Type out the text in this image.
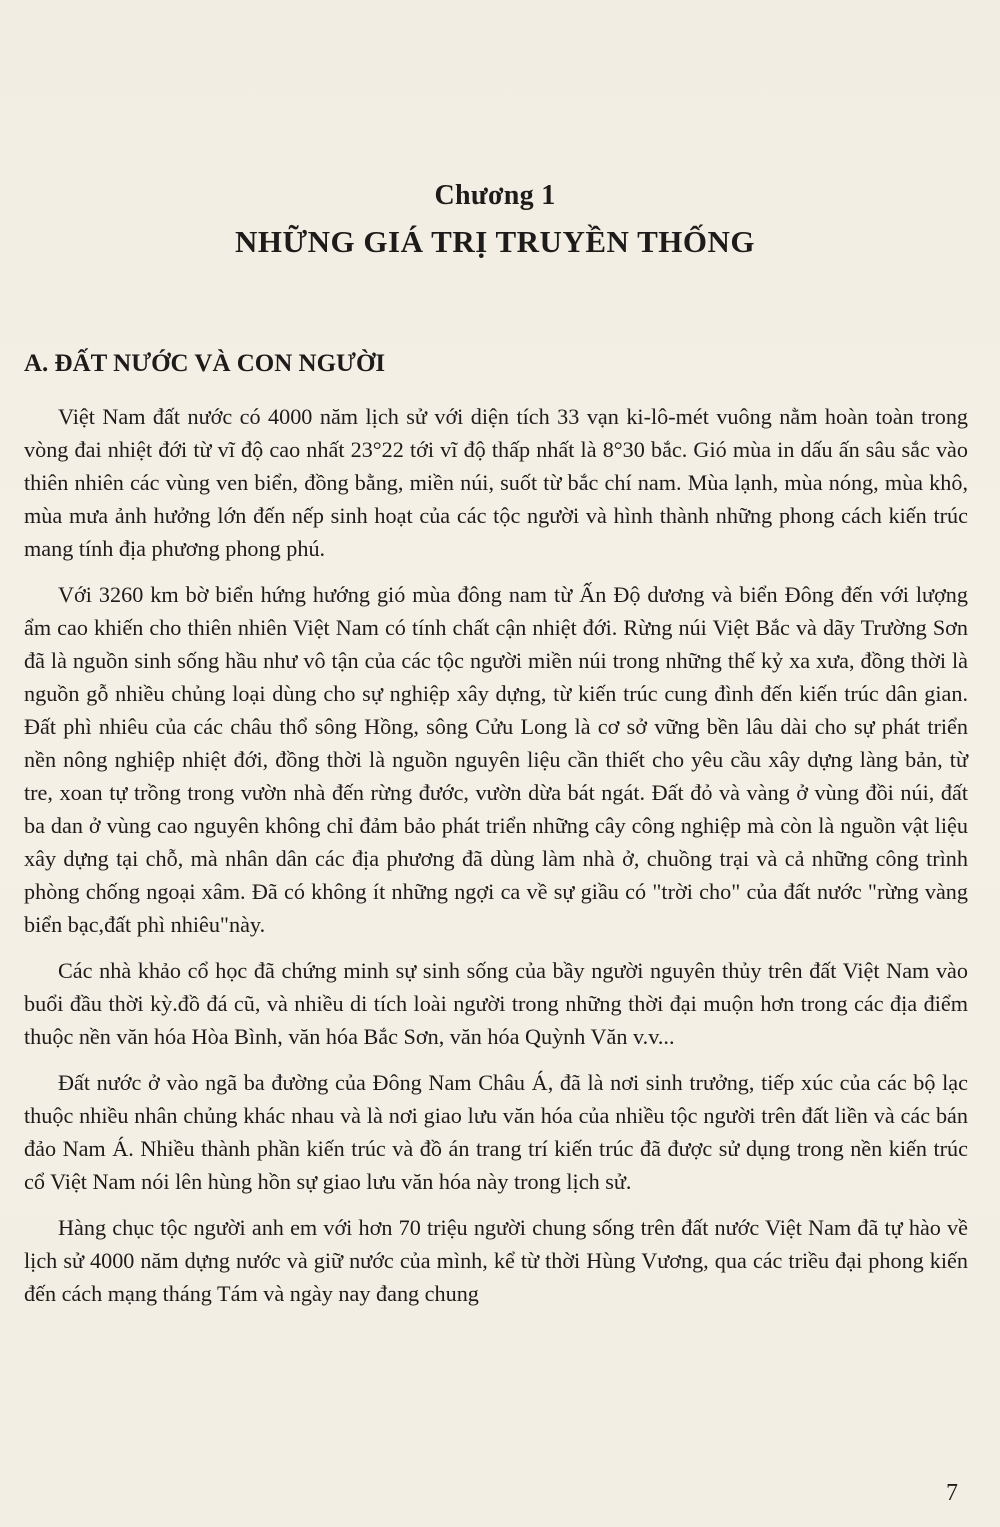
Chương 1
NHỮNG GIÁ TRỊ TRUYỀN THỐNG
A. ĐẤT NƯỚC VÀ CON NGƯỜI

Việt Nam đất nước có 4000 năm lịch sử với diện tích 33 vạn ki-lô-mét vuông nằm hoàn toàn trong vòng đai nhiệt đới từ vĩ độ cao nhất 23°22 tới vĩ độ thấp nhất là 8°30 bắc. Gió mùa in dấu ấn sâu sắc vào thiên nhiên các vùng ven biển, đồng bằng, miền núi, suốt từ bắc chí nam. Mùa lạnh, mùa nóng, mùa khô, mùa mưa ảnh hưởng lớn đến nếp sinh hoạt của các tộc người và hình thành những phong cách kiến trúc mang tính địa phương phong phú.

Với 3260 km bờ biển hứng hướng gió mùa đông nam từ Ấn Độ dương và biển Đông đến với lượng ẩm cao khiến cho thiên nhiên Việt Nam có tính chất cận nhiệt đới. Rừng núi Việt Bắc và dãy Trường Sơn đã là nguồn sinh sống hầu như vô tận của các tộc người miền núi trong những thế kỷ xa xưa, đồng thời là nguồn gỗ nhiều chủng loại dùng cho sự nghiệp xây dựng, từ kiến trúc cung đình đến kiến trúc dân gian. Đất phì nhiêu của các châu thổ sông Hồng, sông Cửu Long là cơ sở vững bền lâu dài cho sự phát triển nền nông nghiệp nhiệt đới, đồng thời là nguồn nguyên liệu cần thiết cho yêu cầu xây dựng làng bản, từ tre, xoan tự trồng trong vườn nhà đến rừng đước, vườn dừa bát ngát. Đất đỏ và vàng ở vùng đồi núi, đất ba dan ở vùng cao nguyên không chỉ đảm bảo phát triển những cây công nghiệp mà còn là nguồn vật liệu xây dựng tại chỗ, mà nhân dân các địa phương đã dùng làm nhà ở, chuồng trại và cả những công trình phòng chống ngoại xâm. Đã có không ít những ngợi ca về sự giầu có "trời cho" của đất nước "rừng vàng biển bạc,đất phì nhiêu"này.

Các nhà khảo cổ học đã chứng minh sự sinh sống của bầy người nguyên thủy trên đất Việt Nam vào buổi đầu thời kỳ.đồ đá cũ, và nhiều di tích loài người trong những thời đại muộn hơn trong các địa điểm thuộc nền văn hóa Hòa Bình, văn hóa Bắc Sơn, văn hóa Quỳnh Văn v.v...

Đất nước ở vào ngã ba đường của Đông Nam Châu Á, đã là nơi sinh trưởng, tiếp xúc của các bộ lạc thuộc nhiều nhân chủng khác nhau và là nơi giao lưu văn hóa của nhiều tộc người trên đất liền và các bán đảo Nam Á. Nhiều thành phần kiến trúc và đồ án trang trí kiến trúc đã được sử dụng trong nền kiến trúc cổ Việt Nam nói lên hùng hồn sự giao lưu văn hóa này trong lịch sử.

Hàng chục tộc người anh em với hơn 70 triệu người chung sống trên đất nước Việt Nam đã tự hào về lịch sử 4000 năm dựng nước và giữ nước của mình, kể từ thời Hùng Vương, qua các triều đại phong kiến đến cách mạng tháng Tám và ngày nay đang chung

7
